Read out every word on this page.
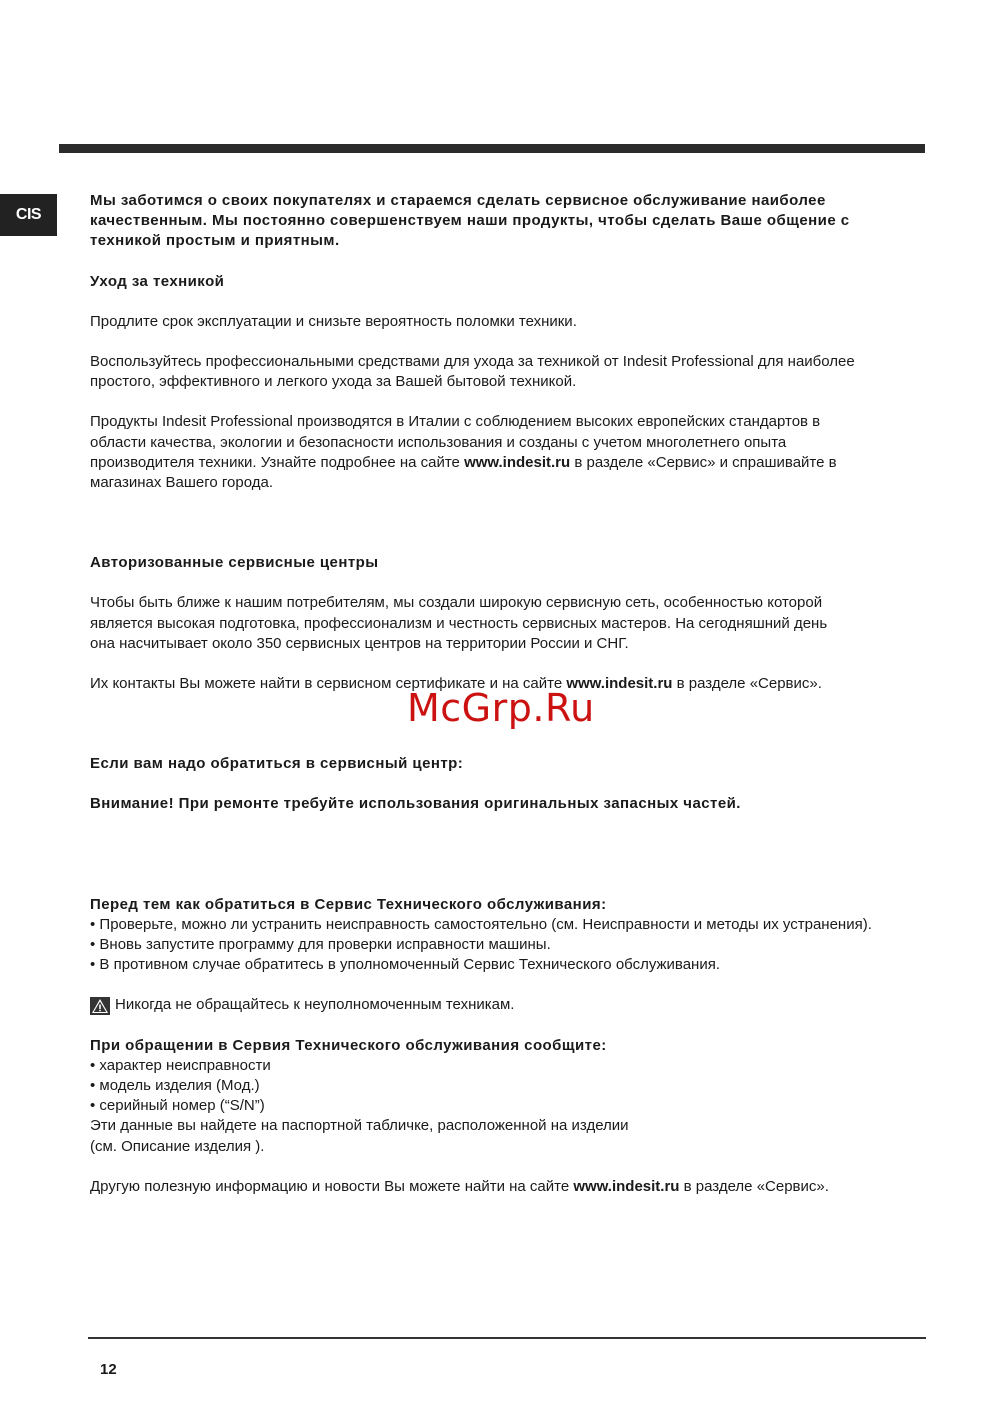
CIS

Мы заботимся о своих покупателях и стараемся сделать сервисное обслуживание наиболее

качественным. Мы постоянно совершенствуем наши продукты, чтобы сделать Ваше общение с

техникой простым и приятным.

Уход за техникой

Продлите срок эксплуатации и снизьте вероятность поломки техники.

Воспользуйтесь профессиональными средствами для ухода за техникой от Indesit Professional для наиболее

простого, эффективного и легкого ухода за Вашей бытовой техникой.

Продукты Indesit Professional производятся в Италии с соблюдением высоких европейских стандартов в

области качества, экологии и безопасности использования и созданы с учетом многолетнего опыта

производителя техники. Узнайте подробнее на сайте www.indesit.ru в разделе «Сервис» и спрашивайте в

магазинах Вашего города.

Авторизованные сервисные центры

Чтобы быть ближе к нашим потребителям, мы создали широкую сервисную сеть, особенностью которой

является высокая подготовка, профессионализм и честность сервисных мастеров. На сегодняшний день

она насчитывает около 350 сервисных центров на территории России и СНГ.

Их контакты Вы можете найти в сервисном сертификате и на сайте www.indesit.ru в разделе «Сервис».

Если вам надо обратиться в сервисный центр:

Внимание! При ремонте требуйте использования оригинальных запасных частей.

Перед тем как обратиться в Сервис Технического обслуживания:

• Проверьте, можно ли устранить неисправность самостоятельно (см. Неисправности и методы их устранения).

• Вновь запустите программу для проверки исправности машины.

• В противном случае обратитесь в уполномоченный Сервис Технического обслуживания.

Никогда не обращайтесь к неуполномоченным техникам.

При обращении в Сервия Технического обслуживания сообщите:

• характер неисправности

• модель изделия (Мод.)

• серийный номер (“S/N”)

Эти данные вы найдете на паспортной табличке, расположенной на изделии

(см. Описание изделия ).

Другую полезную информацию и новости Вы можете найти на сайте www.indesit.ru в разделе «Сервис».

McGrp.Ru
12
